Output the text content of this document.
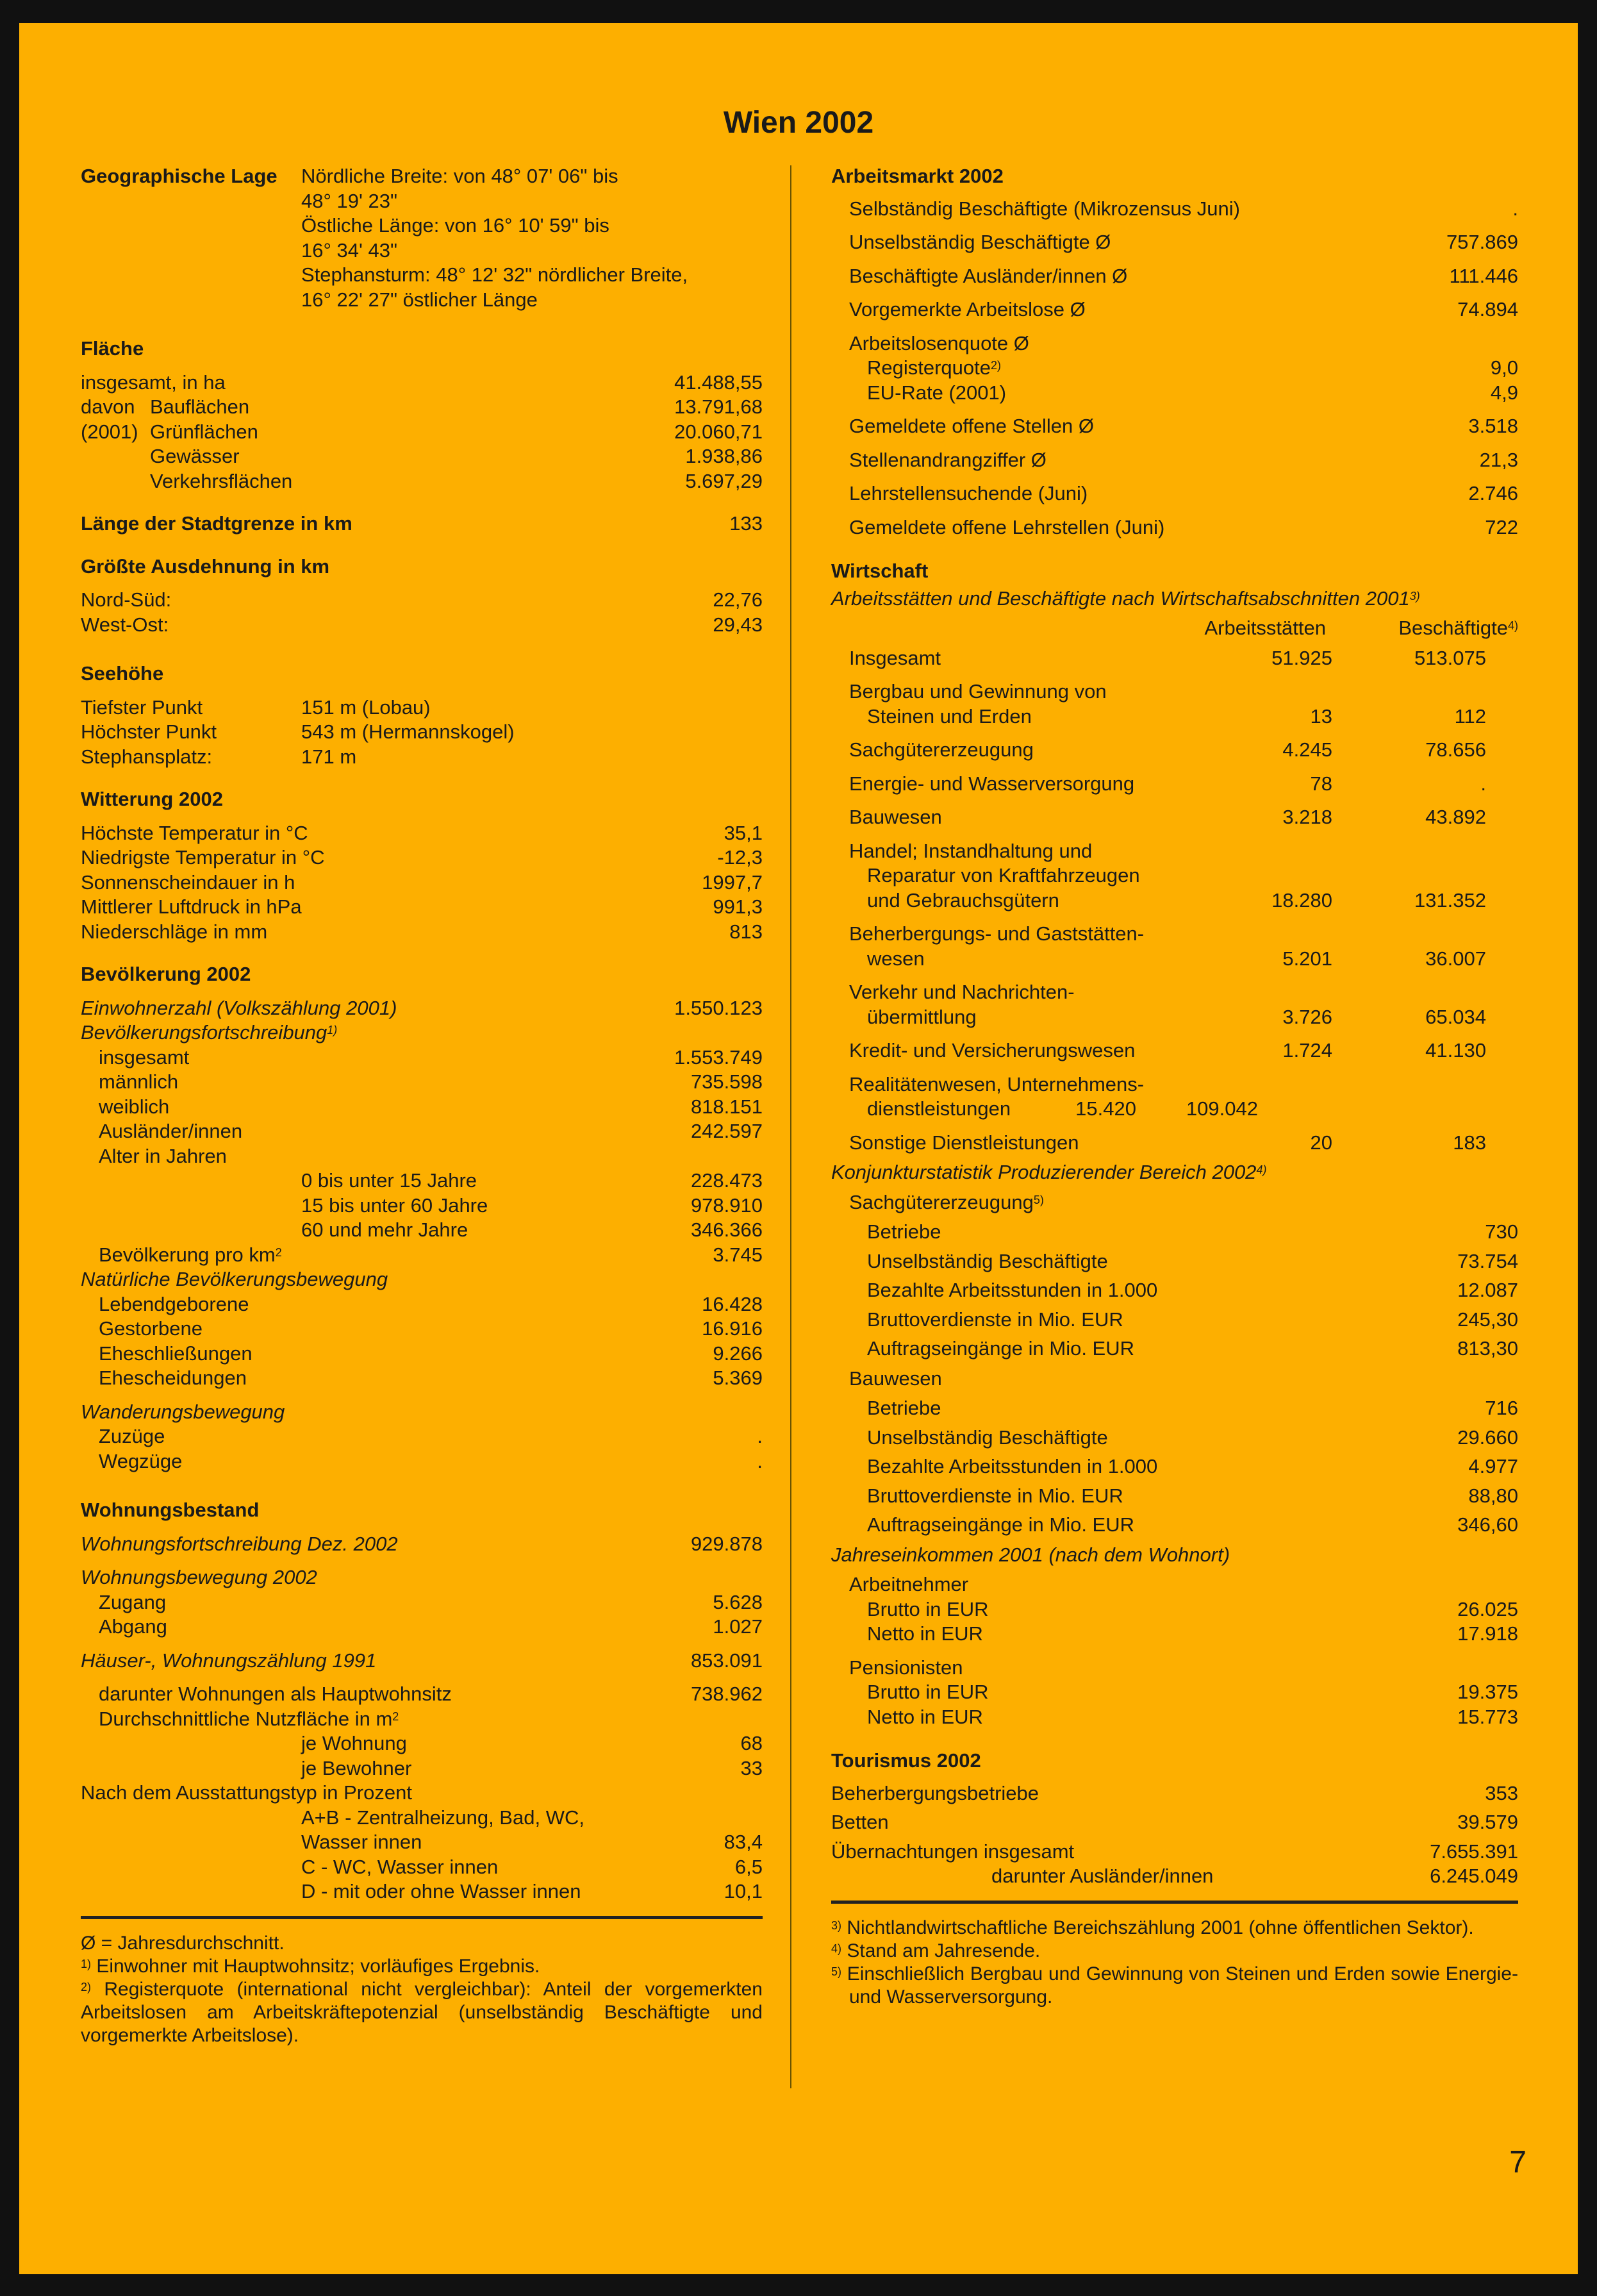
Wien 2002
Geographische Lage	Nördliche Breite: von 48° 07' 06" bis
48° 19' 23"
Östliche Länge: von 16° 10' 59" bis
16° 34' 43"
Stephansturm: 48° 12' 32" nördlicher Breite,
16° 22' 27" östlicher Länge
Fläche
insgesamt, in ha	41.488,55
davon Bauflächen	13.791,68
(2001) Grünflächen	20.060,71
Gewässer	1.938,86
Verkehrsflächen	5.697,29
Länge der Stadtgrenze in km	133
Größte Ausdehnung in km
Nord-Süd:	22,76
West-Ost:	29,43
Seehöhe
Tiefster Punkt	151 m (Lobau)
Höchster Punkt	543 m (Hermannskogel)
Stephansplatz:	171 m
Witterung 2002
Höchste Temperatur in °C	35,1
Niedrigste Temperatur in °C	-12,3
Sonnenscheindauer in h	1997,7
Mittlerer Luftdruck in hPa	991,3
Niederschläge in mm	813
Bevölkerung 2002
Einwohnerzahl (Volkszählung 2001)	1.550.123
Bevölkerungsfortschreibung$^{1)}$
insgesamt	1.553.749
männlich	735.598
weiblich	818.151
Ausländer/innen	242.597
Alter in Jahren
0 bis unter 15 Jahre	228.473
15 bis unter 60 Jahre	978.910
60 und mehr Jahre	346.366
Bevölkerung pro $km^2$	3.745
Natürliche Bevölkerungsbewegung
Lebendgeborene	16.428
Gestorbene	16.916
Eheschließungen	9.266
Ehescheidungen	5.369
Wanderungsbewegung
Zuzüge	.
Wegzüge	.
Wohnungsbestand
Wohnungsfortschreibung Dez. 2002	929.878
Wohnungsbewegung 2002
Zugang	5.628
Abgang	1.027
Häuser-, Wohnungszählung 1991	853.091
darunter Wohnungen als Hauptwohnsitz	738.962
Durchschnittliche Nutzfläche in $m^2$
je Wohnung	68
je Bewohner	33
Nach dem Ausstattungstyp in Prozent
A+B - Zentralheizung, Bad, WC,
Wasser innen	83,4
C - WC, Wasser innen	6,5
D - mit oder ohne Wasser innen	10,1
Ø = Jahresdurchschnitt.
$^{1)}$ Einwohner mit Hauptwohnsitz; vorläufiges Ergebnis.
$^{2)}$ Registerquote (international nicht vergleichbar): Anteil der vorgemerkten Arbeitslosen am Arbeitskräftepotenzial (unselbständig Beschäftigte und vorgemerkte Arbeitslose).
Arbeitsmarkt 2002
Selbständig Beschäftigte (Mikrozensus Juni)	.
Unselbständig Beschäftigte Ø	757.869
Beschäftigte Ausländer/innen Ø	111.446
Vorgemerkte Arbeitslose Ø	74.894
Arbeitslosenquote Ø
Registerquote$^{2)}$	9,0
EU-Rate (2001)	4,9
Gemeldete offene Stellen Ø	3.518
Stellenandrangziffer Ø	21,3
Lehrstellensuchende (Juni)	2.746
Gemeldete offene Lehrstellen (Juni)	722
Wirtschaft
Arbeitsstätten und Beschäftigte nach Wirtschaftsabschnitten 2001$^{3)}$
Arbeitsstätten	Beschäftigte$^{4)}$
Insgesamt	51.925	513.075
Bergbau und Gewinnung von
Steinen und Erden	13	112
Sachgütererzeugung	4.245	78.656
Energie- und Wasserversorgung	78	.
Bauwesen	3.218	43.892
Handel; Instandhaltung und
Reparatur von Kraftfahrzeugen
und Gebrauchsgütern	18.280	131.352
Beherbergungs- und Gaststätten-
wesen	5.201	36.007
Verkehr und Nachrichten-
übermittlung	3.726	65.034
Kredit- und Versicherungswesen	1.724	41.130
Realitätenwesen, Unternehmens-
dienstleistungen	15.420	109.042
Sonstige Dienstleistungen	20	183
Konjunkturstatistik Produzierender Bereich 2002$^{4)}$
Sachgütererzeugung$^{5)}$
Betriebe	730
Unselbständig Beschäftigte	73.754
Bezahlte Arbeitsstunden in 1.000	12.087
Bruttoverdienste in Mio. EUR	245,30
Auftragseingänge in Mio. EUR	813,30
Bauwesen
Betriebe	716
Unselbständig Beschäftigte	29.660
Bezahlte Arbeitsstunden in 1.000	4.977
Bruttoverdienste in Mio. EUR	88,80
Auftragseingänge in Mio. EUR	346,60
Jahreseinkommen 2001 (nach dem Wohnort)
Arbeitnehmer
Brutto in EUR	26.025
Netto in EUR	17.918
Pensionisten
Brutto in EUR	19.375
Netto in EUR	15.773
Tourismus 2002
Beherbergungsbetriebe	353
Betten	39.579
Übernachtungen insgesamt	7.655.391
darunter Ausländer/innen	6.245.049
$^{3)}$ Nichtlandwirtschaftliche Bereichszählung 2001 (ohne öffentlichen Sektor).
$^{4)}$ Stand am Jahresende.
$^{5)}$ Einschließlich Bergbau und Gewinnung von Steinen und Erden sowie Energie- und Wasserversorgung.
7
